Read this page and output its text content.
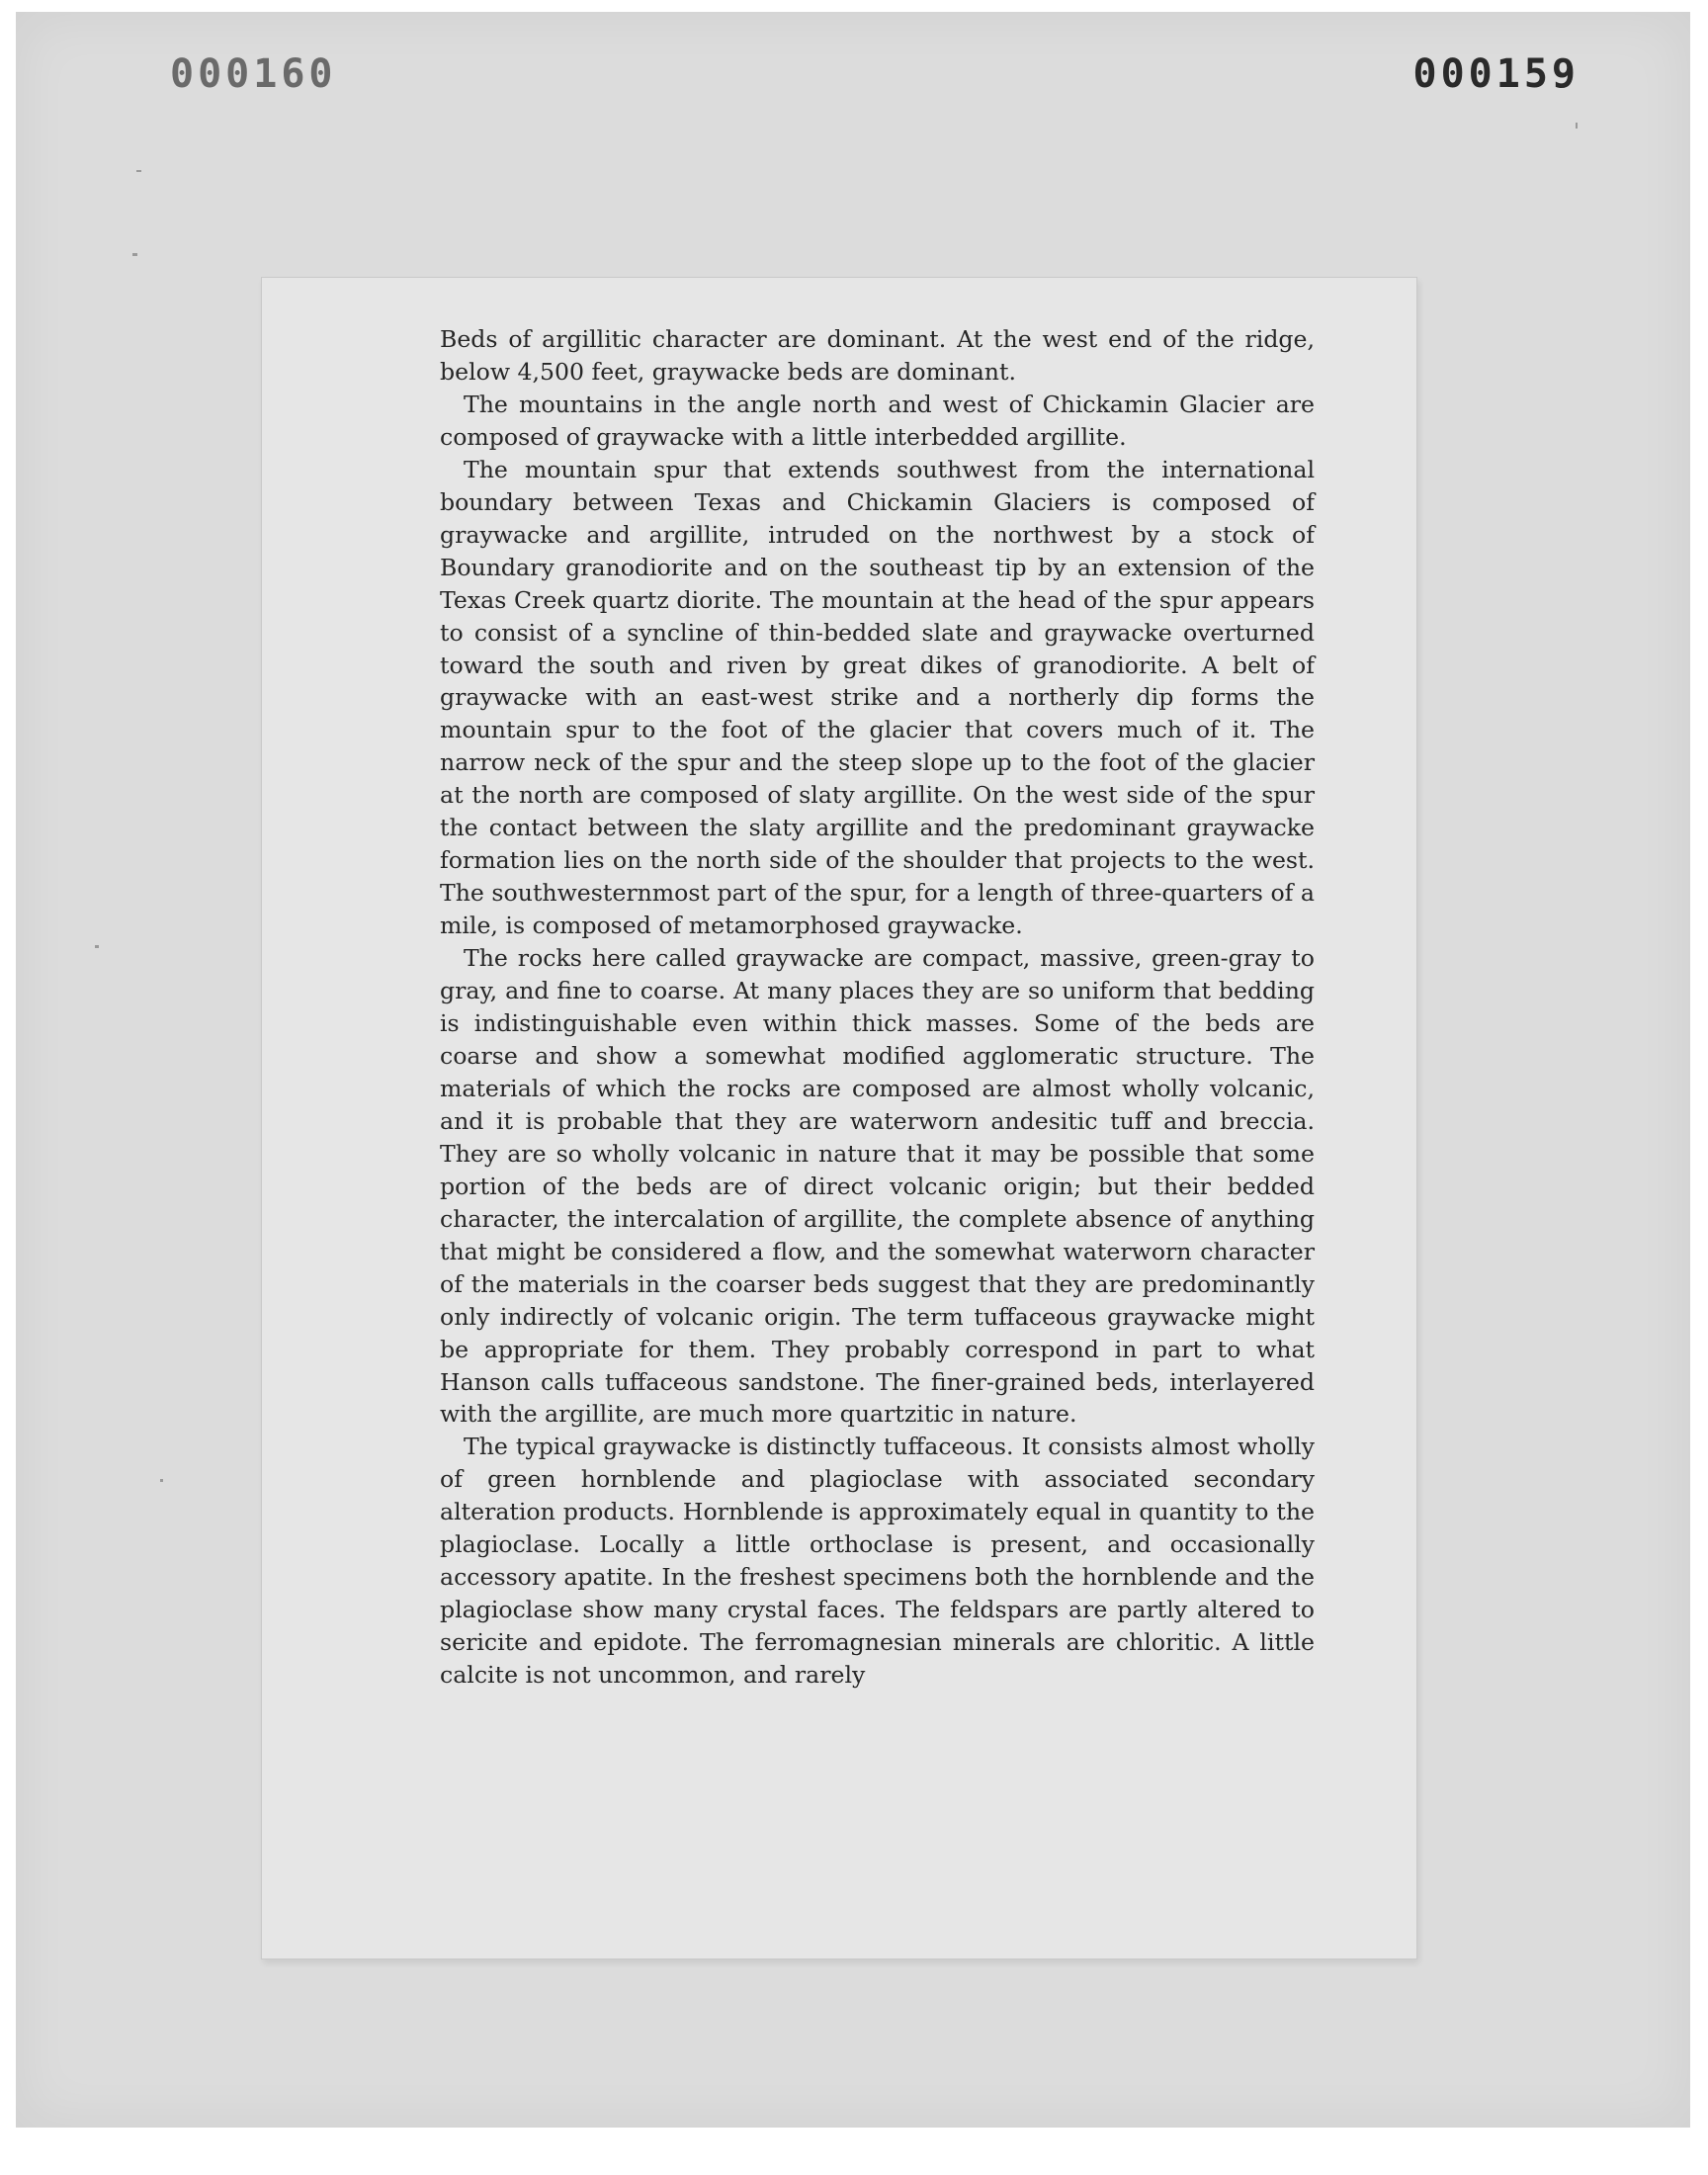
000160	000159

Beds of argillitic character are dominant. At the west end of the ridge, below 4,500 feet, graywacke beds are dominant.

The mountains in the angle north and west of Chickamin Glacier are composed of graywacke with a little interbedded argillite.

The mountain spur that extends southwest from the international boundary between Texas and Chickamin Glaciers is composed of graywacke and argillite, intruded on the northwest by a stock of Boundary granodiorite and on the southeast tip by an extension of the Texas Creek quartz diorite. The mountain at the head of the spur appears to consist of a syncline of thin-bedded slate and graywacke overturned toward the south and riven by great dikes of granodiorite. A belt of graywacke with an east-west strike and a northerly dip forms the mountain spur to the foot of the glacier that covers much of it. The narrow neck of the spur and the steep slope up to the foot of the glacier at the north are composed of slaty argillite. On the west side of the spur the contact between the slaty argillite and the predominant graywacke formation lies on the north side of the shoulder that projects to the west. The southwesternmost part of the spur, for a length of three-quarters of a mile, is composed of metamorphosed graywacke.

The rocks here called graywacke are compact, massive, green-gray to gray, and fine to coarse. At many places they are so uniform that bedding is indistinguishable even within thick masses. Some of the beds are coarse and show a somewhat modified agglomeratic structure. The materials of which the rocks are composed are almost wholly volcanic, and it is probable that they are waterworn andesitic tuff and breccia. They are so wholly volcanic in nature that it may be possible that some portion of the beds are of direct volcanic origin; but their bedded character, the intercalation of argillite, the complete absence of anything that might be considered a flow, and the somewhat waterworn character of the materials in the coarser beds suggest that they are predominantly only indirectly of volcanic origin. The term tuffaceous graywacke might be appropriate for them. They probably correspond in part to what Hanson calls tuffaceous sandstone. The finer-grained beds, interlayered with the argillite, are much more quartzitic in nature.

The typical graywacke is distinctly tuffaceous. It consists almost wholly of green hornblende and plagioclase with associated secondary alteration products. Hornblende is approximately equal in quantity to the plagioclase. Locally a little orthoclase is present, and occasionally accessory apatite. In the freshest specimens both the hornblende and the plagioclase show many crystal faces. The feldspars are partly altered to sericite and epidote. The ferromagnesian minerals are chloritic. A little calcite is not uncommon, and rarely
